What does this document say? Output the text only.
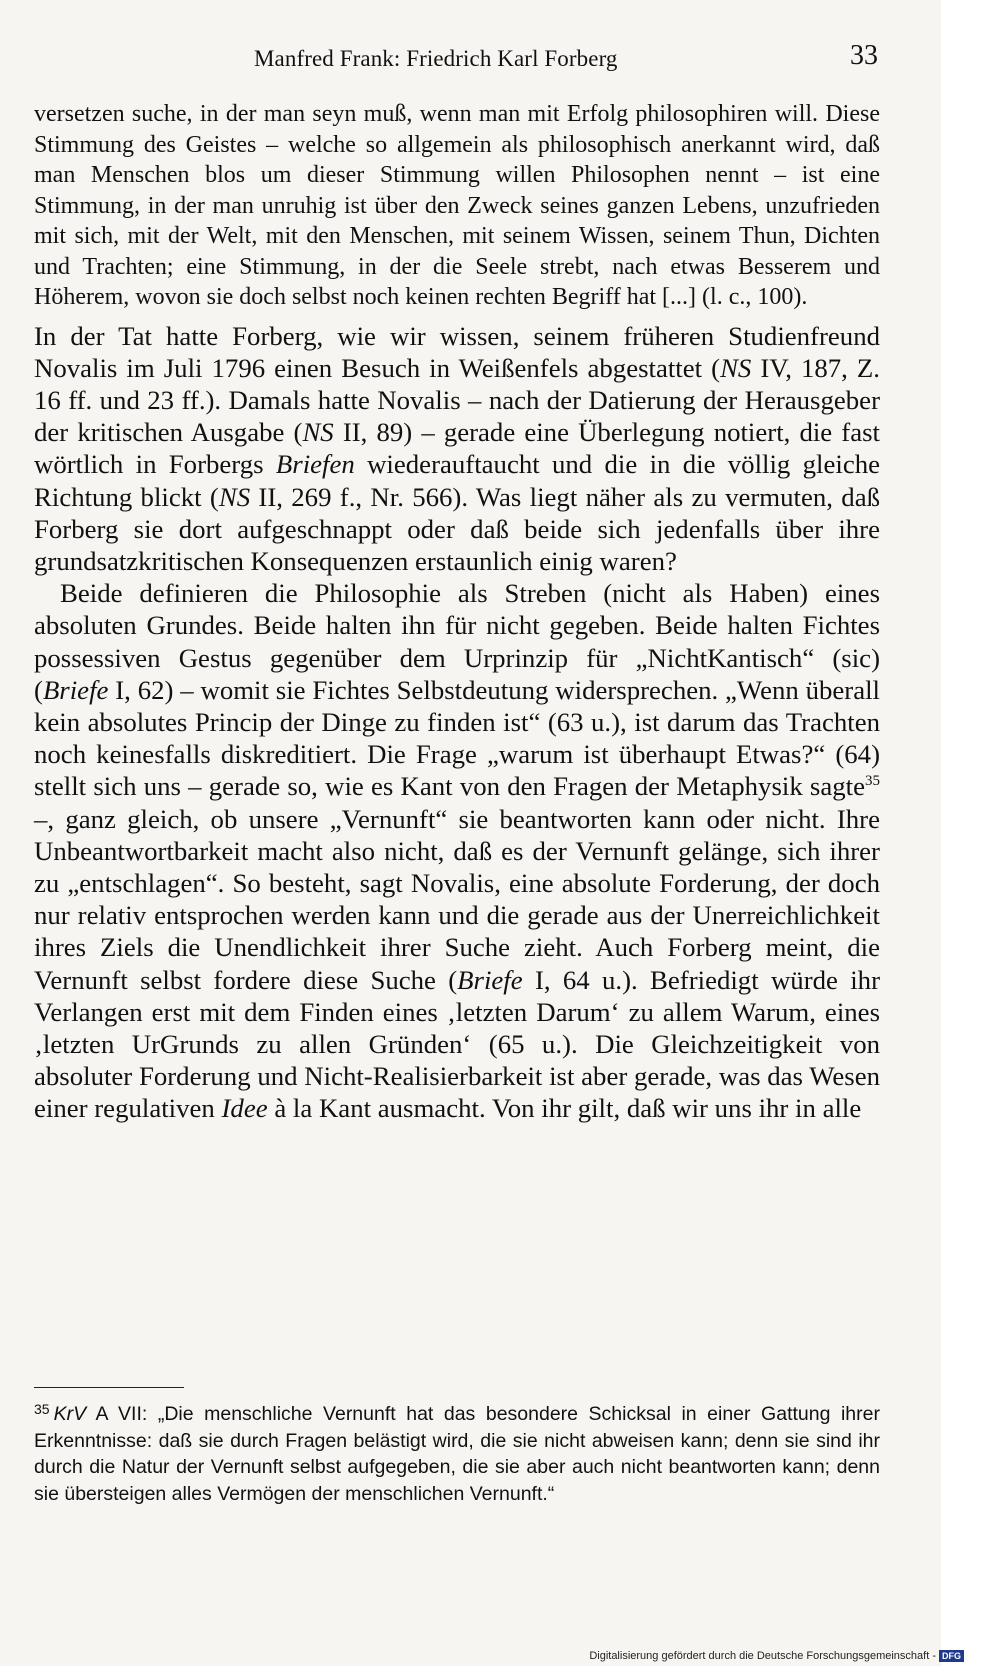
Manfred Frank: Friedrich Karl Forberg	33

versetzen suche, in der man seyn muß, wenn man mit Erfolg philosophiren will. Diese Stimmung des Geistes – welche so allgemein als philosophisch anerkannt wird, daß man Menschen blos um dieser Stimmung willen Philosophen nennt – ist eine Stimmung, in der man unruhig ist über den Zweck seines ganzen Lebens, unzufrieden mit sich, mit der Welt, mit den Menschen, mit seinem Wissen, seinem Thun, Dichten und Trachten; eine Stimmung, in der die Seele strebt, nach etwas Besserem und Höherem, wovon sie doch selbst noch keinen rechten Begriff hat [...] (l. c., 100).

In der Tat hatte Forberg, wie wir wissen, seinem früheren Studienfreund Novalis im Juli 1796 einen Besuch in Weißenfels abgestattet (NS IV, 187, Z. 16 ff. und 23 ff.). Damals hatte Novalis – nach der Datierung der Herausgeber der kritischen Ausgabe (NS II, 89) – gerade eine Überlegung notiert, die fast wörtlich in Forbergs Briefen wiederauftaucht und die in die völlig gleiche Richtung blickt (NS II, 269 f., Nr. 566). Was liegt näher als zu vermuten, daß Forberg sie dort aufgeschnappt oder daß beide sich jedenfalls über ihre grundsatzkritischen Konsequenzen erstaunlich einig waren?

Beide definieren die Philosophie als Streben (nicht als Haben) eines absoluten Grundes. Beide halten ihn für nicht gegeben. Beide halten Fichtes possessiven Gestus gegenüber dem Urprinzip für „NichtKantisch“ (sic) (Briefe I, 62) – womit sie Fichtes Selbstdeutung widersprechen. „Wenn überall kein absolutes Princip der Dinge zu finden ist“ (63 u.), ist darum das Trachten noch keinesfalls diskreditiert. Die Frage „warum ist überhaupt Etwas?“ (64) stellt sich uns – gerade so, wie es Kant von den Fragen der Metaphysik sagte$^{35}$ –, ganz gleich, ob unsere „Vernunft“ sie beantworten kann oder nicht. Ihre Unbeantwortbarkeit macht also nicht, daß es der Vernunft gelänge, sich ihrer zu „entschlagen“. So besteht, sagt Novalis, eine absolute Forderung, der doch nur relativ entsprochen werden kann und die gerade aus der Unerreichlichkeit ihres Ziels die Unendlichkeit ihrer Suche zieht. Auch Forberg meint, die Vernunft selbst fordere diese Suche (Briefe I, 64 u.). Befriedigt würde ihr Verlangen erst mit dem Finden eines ‚letzten Darum‘ zu allem Warum, eines ‚letzten UrGrunds zu allen Gründen‘ (65 u.). Die Gleichzeitigkeit von absoluter Forderung und Nicht-Realisierbarkeit ist aber gerade, was das Wesen einer regulativen Idee à la Kant ausmacht. Von ihr gilt, daß wir uns ihr in alle

$^{35}$ KrV A VII: „Die menschliche Vernunft hat das besondere Schicksal in einer Gattung ihrer Erkenntnisse: daß sie durch Fragen belästigt wird, die sie nicht abweisen kann; denn sie sind ihr durch die Natur der Vernunft selbst aufgegeben, die sie aber auch nicht beantworten kann; denn sie übersteigen alles Vermögen der menschlichen Vernunft.“
Digitalisierung gefördert durch die Deutsche Forschungsgemeinschaft - DFG
